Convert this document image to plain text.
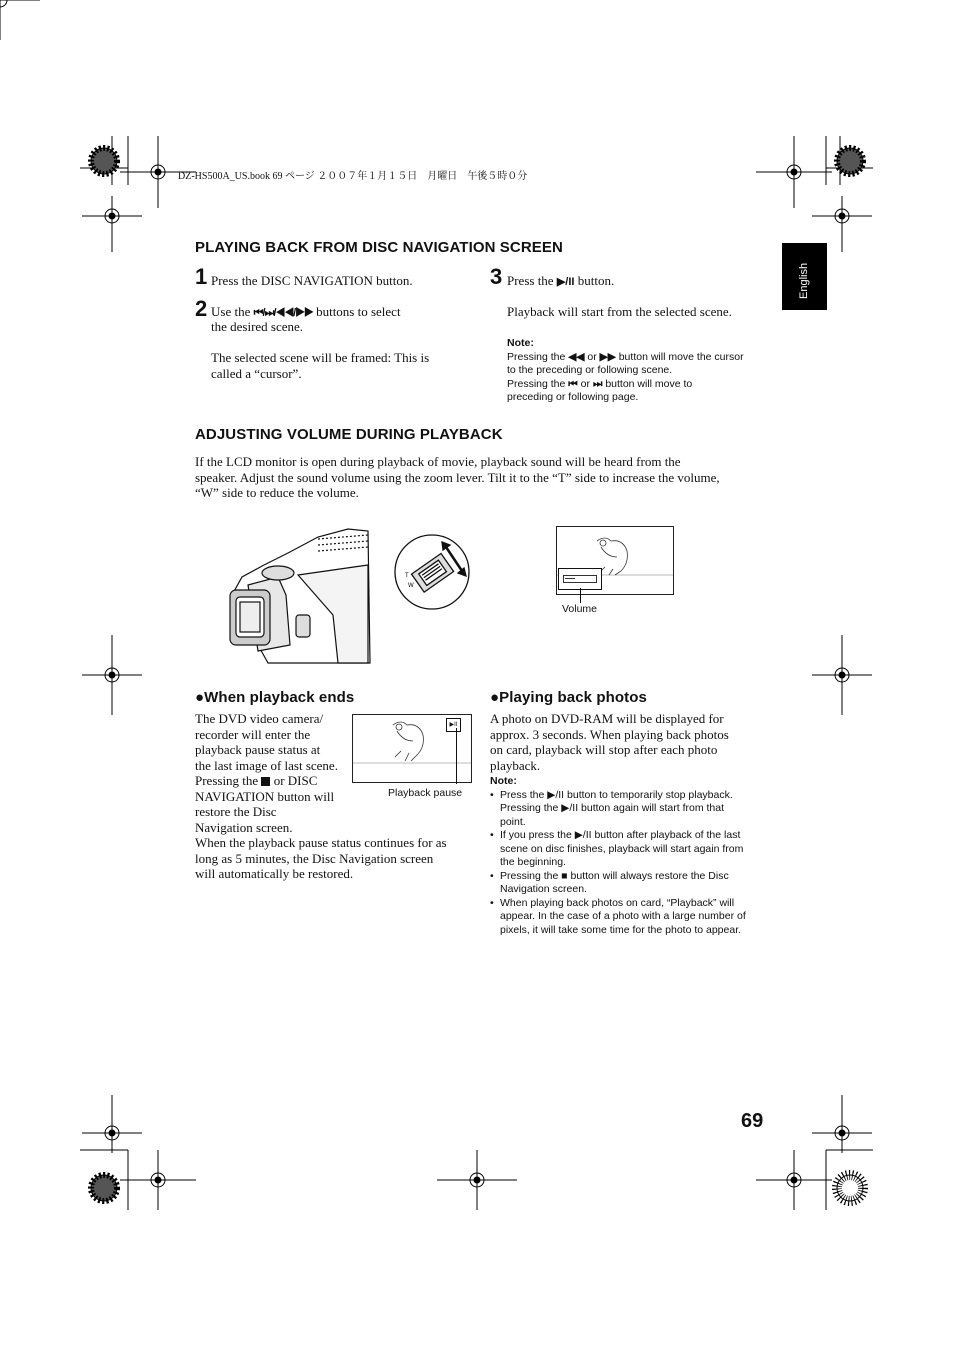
DZ-HS500A_US.book 69 ページ ２００７年１月１５日　月曜日　午後５時０分
English
PLAYING BACK FROM DISC NAVIGATION SCREEN
1 Press the DISC NAVIGATION button.
2 Use the ⏮/⏭/◀◀/▶▶ buttons to select
the desired scene.
The selected scene will be framed: This is
called a “cursor”.
3 Press the ▶/II button.
Playback will start from the selected scene.
Note:
Pressing the ◀◀ or ▶▶ button will move the cursor
to the preceding or following scene.
Pressing the ⏮ or ⏭ button will move to
preceding or following page.
ADJUSTING VOLUME DURING PLAYBACK
If the LCD monitor is open during playback of movie, playback sound will be heard from the
speaker. Adjust the sound volume using the zoom lever. Tilt it to the “T” side to increase the volume,
“W” side to reduce the volume.
T
W
Volume
●When playback ends
The DVD video camera/
recorder will enter the
playback pause status at
the last image of last scene.
Pressing the or DISC
NAVIGATION button will
restore the Disc
Navigation screen.
When the playback pause status continues for as
long as 5 minutes, the Disc Navigation screen
will automatically be restored.
▶II
Playback pause
●Playing back photos
A photo on DVD-RAM will be displayed for
approx. 3 seconds. When playing back photos
on card, playback will stop after each photo
playback.
Note:
• Press the ▶/II button to temporarily stop playback.
Pressing the ▶/II button again will start from that
point.
• If you press the ▶/II button after playback of the last
scene on disc finishes, playback will start again from
the beginning.
• Pressing the ■ button will always restore the Disc
Navigation screen.
• When playing back photos on card, “Playback” will
appear. In the case of a photo with a large number of
pixels, it will take some time for the photo to appear.
69
